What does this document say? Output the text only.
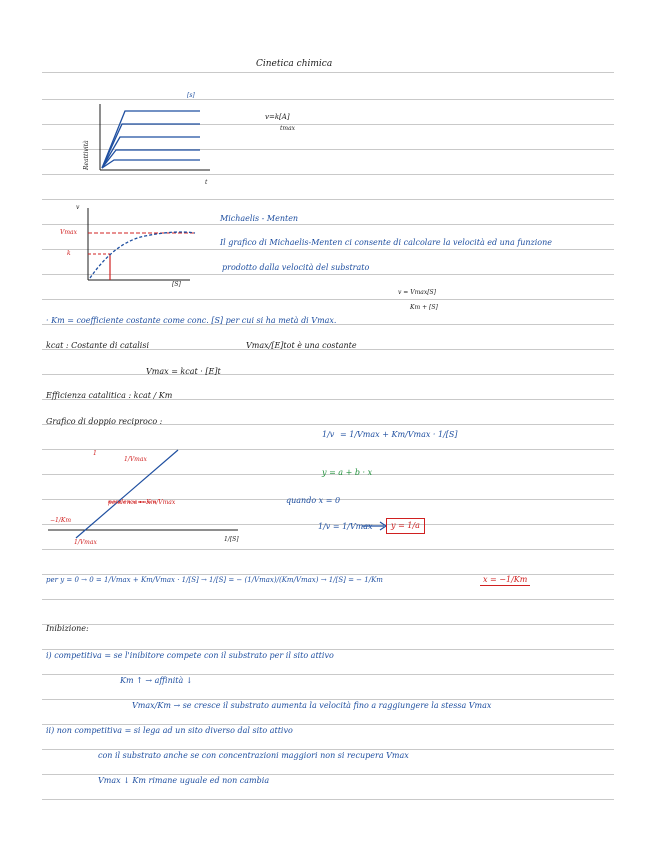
Cinetica chimica
[s]
t
Reattività
v=k[A]
tmax
v
Vmax
k
[S]
Michaelis - Menten
Il grafico di Michaelis-Menten ci consente di calcolare la velocità ed una funzione
prodotto dalla velocità del substrato
v = Vmax[S]
Km + [S]
· Km = coefficiente costante come conc. [S] per cui si ha metà di Vmax.
kcat : Costante di catalisi	Vmax/[E]tot è una costante
Vmax = kcat · [E]t
Efficienza catalitica : kcat / Km
Grafico di doppio reciproco :
1
1/Vmax
pendenza = Km/Vmax
−1/Km
1/Vmax	1/[S]
1/v = 1/Vmax + Km/Vmax · 1/[S]
y = a + b · x
quando x = 0
1/v = 1/Vmax	y = 1/a
per y = 0 → 0 = 1/Vmax + Km/Vmax · 1/[S] → 1/[S] = − (1/Vmax)/(Km/Vmax) → 1/[S] = − 1/Km	x = −1/Km
Inibizione:
i) competitiva = se l'inibitore compete con il substrato per il sito attivo
Km ↑ → affinità ↓
Vmax/Km → se cresce il substrato aumenta la velocità fino a raggiungere la stessa Vmax
ii) non competitiva = si lega ad un sito diverso dal sito attivo
con il substrato anche se con concentrazioni maggiori non si recupera Vmax
Vmax ↓ Km rimane uguale ed non cambia
